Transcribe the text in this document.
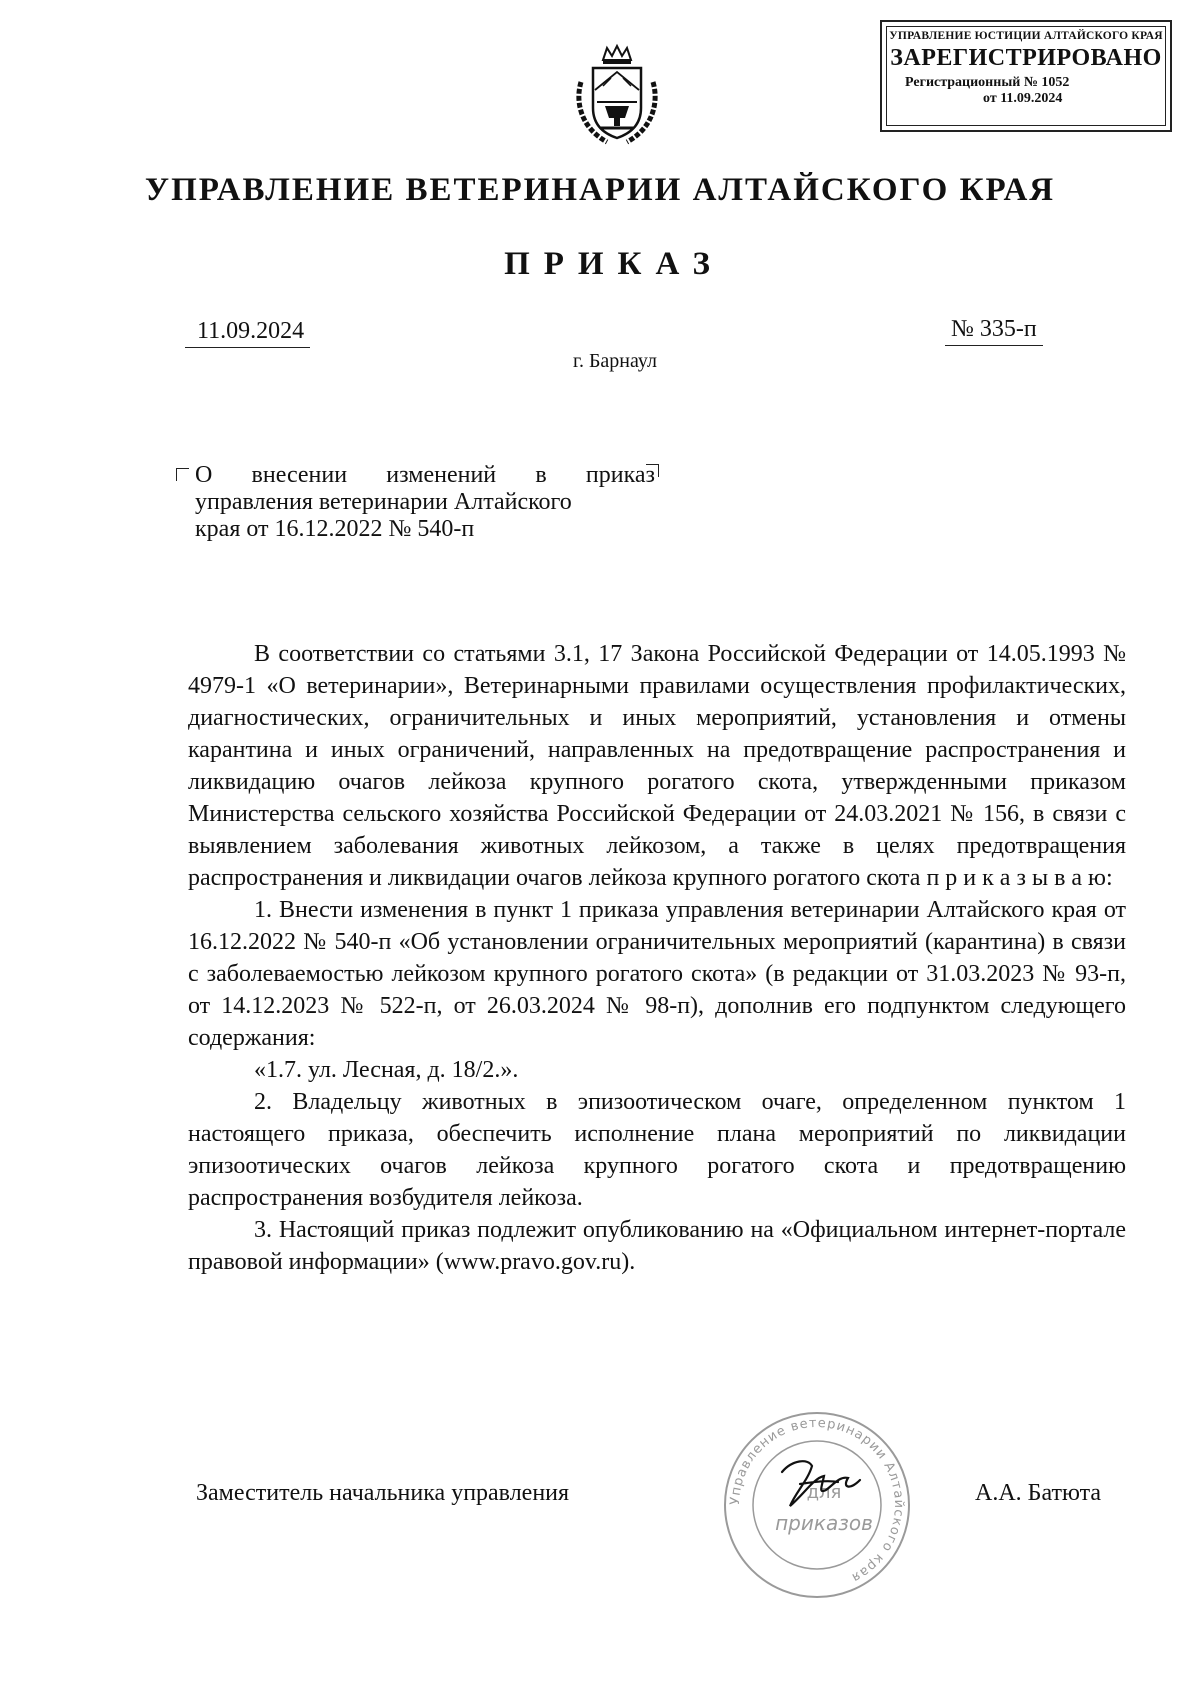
УПРАВЛЕНИЕ ЮСТИЦИИ АЛТАЙСКОГО КРАЯ
ЗАРЕГИСТРИРОВАНО
Регистрационный № 1052
от 11.09.2024
УПРАВЛЕНИЕ ВЕТЕРИНАРИИ АЛТАЙСКОГО КРАЯ
ПРИКАЗ
11.09.2024	№ 335-п
г. Барнаул
О внесении изменений в приказ
управления ветеринарии Алтайского
края от 16.12.2022 № 540-п

В соответствии со статьями 3.1, 17 Закона Российской Федерации от 14.05.1993 № 4979-1 «О ветеринарии», Ветеринарными правилами осуществления профилактических, диагностических, ограничительных и иных мероприятий, установления и отмены карантина и иных ограничений, направленных на предотвращение распространения и ликвидацию очагов лейкоза крупного рогатого скота, утвержденными приказом Министерства сельского хозяйства Российской Федерации от 24.03.2021 № 156, в связи с выявлением заболевания животных лейкозом, а также в целях предотвращения распространения и ликвидации очагов лейкоза крупного рогатого скота п р и к а з ы в а ю:

1. Внести изменения в пункт 1 приказа управления ветеринарии Алтайского края от 16.12.2022 № 540-п «Об установлении ограничительных мероприятий (карантина) в связи с заболеваемостью лейкозом крупного рогатого скота» (в редакции от 31.03.2023 № 93-п, от 14.12.2023 № 522-п, от 26.03.2024 № 98-п), дополнив его подпунктом следующего содержания:

«1.7. ул. Лесная, д. 18/2.».

2. Владельцу животных в эпизоотическом очаге, определенном пунктом 1 настоящего приказа, обеспечить исполнение плана мероприятий по ликвидации эпизоотических очагов лейкоза крупного рогатого скота и предотвращению распространения возбудителя лейкоза.

3. Настоящий приказ подлежит опубликованию на «Официальном интернет-портале правовой информации» (www.pravo.gov.ru).

Заместитель начальника управления	А.А. Батюта
Управление ветеринарии Алтайского края
для
приказов
